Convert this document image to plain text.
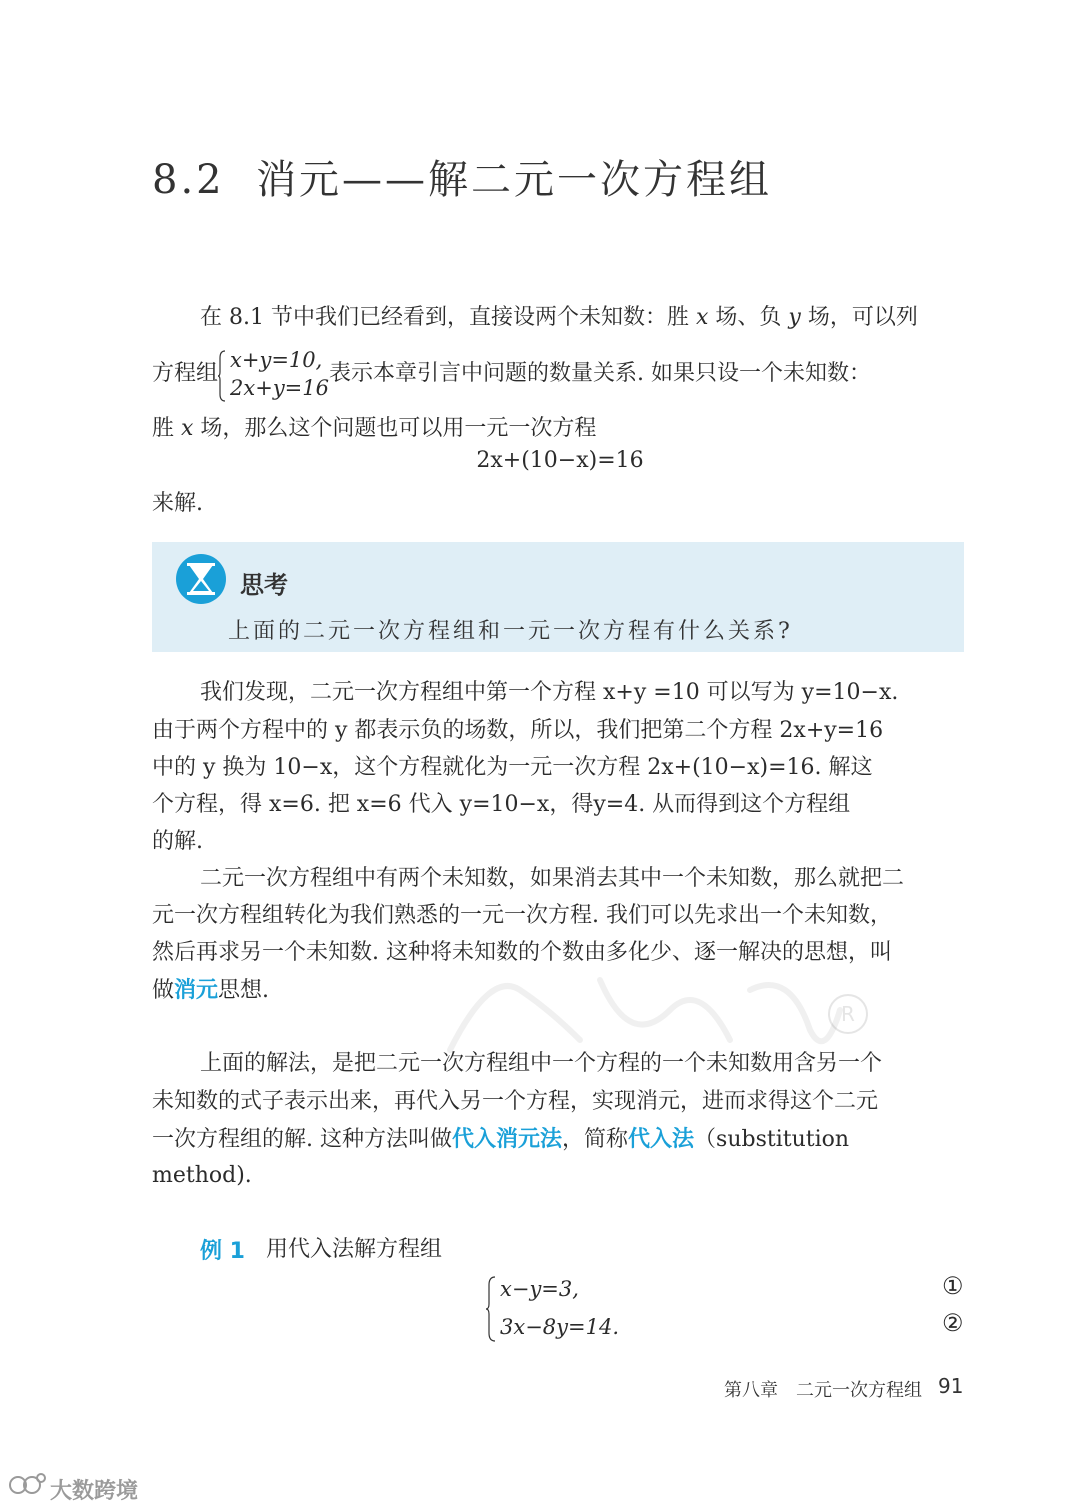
8.2 消元——解二元一次方程组
在 8.1 节中我们已经看到，直接设两个未知数：胜 x 场、负 y 场，可以列
方程组
x+y=10,
2x+y=16
表示本章引言中问题的数量关系. 如果只设一个未知数：
胜 x 场，那么这个问题也可以用一元一次方程
2x+(10−x)=16
来解.
思考
上面的二元一次方程组和一元一次方程有什么关系?
我们发现，二元一次方程组中第一个方程 x+y =10 可以写为 y=10−x.
由于两个方程中的 y 都表示负的场数，所以，我们把第二个方程 2x+y=16
中的 y 换为 10−x，这个方程就化为一元一次方程 2x+(10−x)=16. 解这
个方程，得 x=6. 把 x=6 代入 y=10−x，得y=4. 从而得到这个方程组
的解.
二元一次方程组中有两个未知数，如果消去其中一个未知数，那么就把二
元一次方程组转化为我们熟悉的一元一次方程. 我们可以先求出一个未知数，
然后再求另一个未知数. 这种将未知数的个数由多化少、逐一解决的思想，叫
做消元思想.
R
上面的解法，是把二元一次方程组中一个方程的一个未知数用含另一个
未知数的式子表示出来，再代入另一个方程，实现消元，进而求得这个二元
一次方程组的解. 这种方法叫做代入消元法，简称代入法（substitution
method).
例 1 用代入法解方程组
x−y=3,
3x−8y=14.
①
②
第八章　二元一次方程组 91
大数跨境
